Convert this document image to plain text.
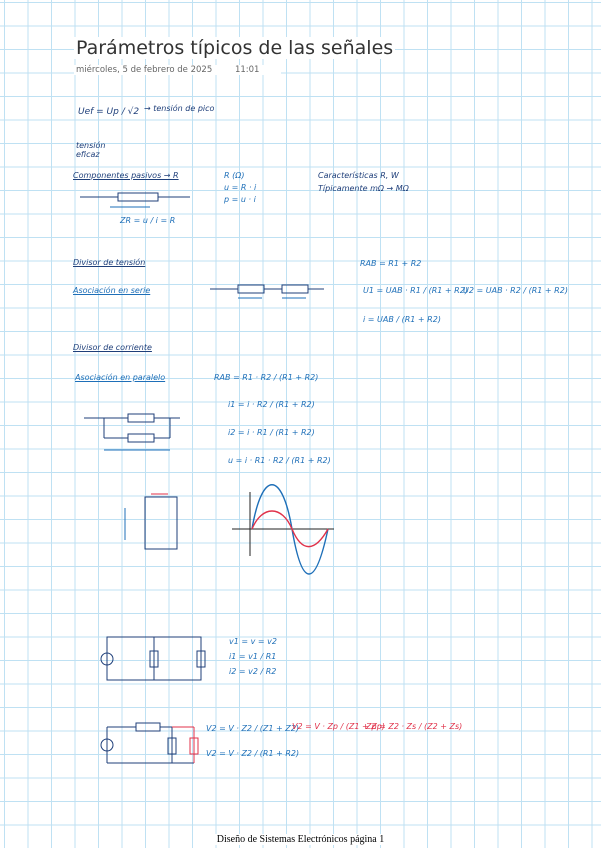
Parámetros típicos de las señales
miércoles, 5 de febrero de 2025	11:01
Uef = Up / √2 → tensión de pico
tensión eficaz
Componentes pasivos → R	R (Ω)
u = R · i
p = u · i
Características R, W
Típicamente mΩ → MΩ
ZR = u / i = R
Divisor de tensión
Asociación en serie
RAB = R1 + R2
U1 = UAB · R1 / (R1 + R2)
U2 = UAB · R2 / (R1 + R2)
i = UAB / (R1 + R2)
Divisor de corriente
Asociación en paralelo	RAB = R1 · R2 / (R1 + R2)
i1 = i · R2 / (R1 + R2)
i2 = i · R1 / (R1 + R2)
u = i · R1 · R2 / (R1 + R2)
v1 = v = v2
i1 = v1 / R1
i2 = v2 / R2
V2 = V · Z2 / (Z1 + Z2)
V2 = V · Z2 / (R1 + R2)
V2 = V · Zp / (Z1 + Zp)
Zp = Z2 · Zs / (Z2 + Zs)
Diseño de Sistemas Electrónicos página 1
